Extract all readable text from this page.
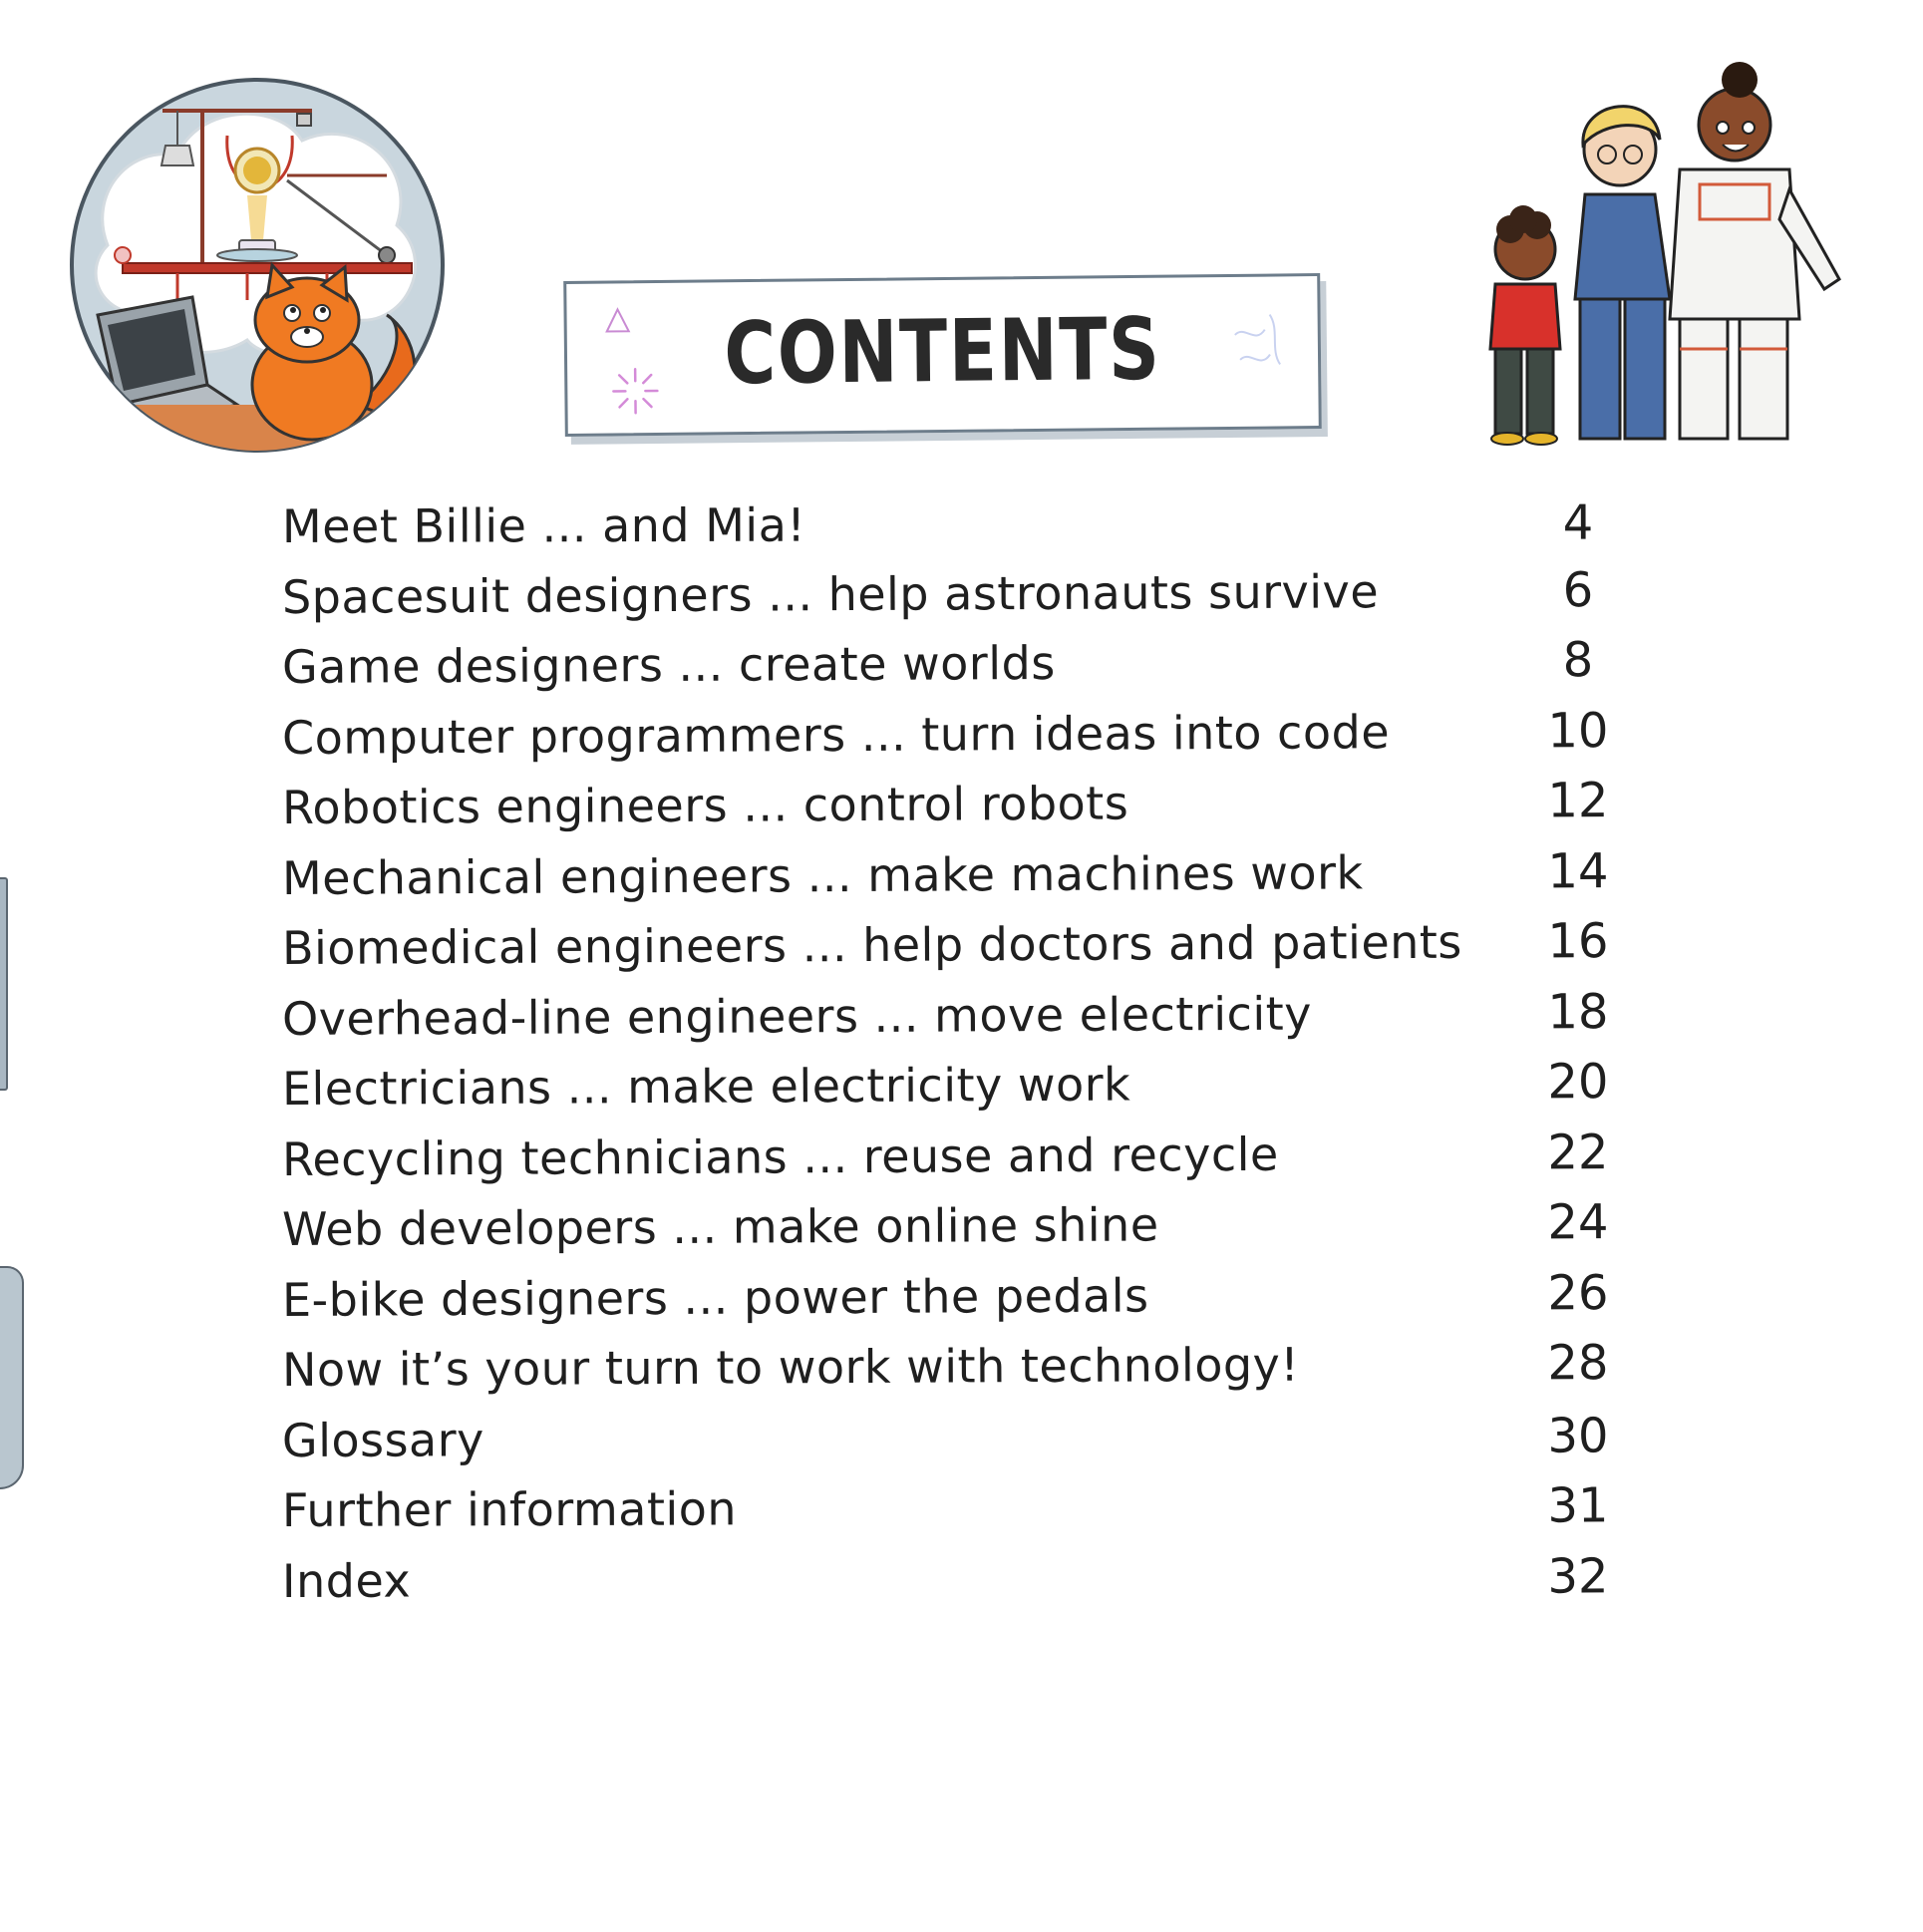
CONTENTS
Meet Billie ... and Mia!	4
Spacesuit designers ... help astronauts survive	6
Game designers ... create worlds	8
Computer programmers ... turn ideas into code	10
Robotics engineers ... control robots	12
Mechanical engineers ... make machines work	14
Biomedical engineers ... help doctors and patients	16
Overhead-line engineers ... move electricity	18
Electricians ... make electricity work	20
Recycling technicians ... reuse and recycle	22
Web developers ... make online shine	24
E-bike designers ... power the pedals	26
Now it’s your turn to work with technology!	28
Glossary	30
Further information	31
Index	32
